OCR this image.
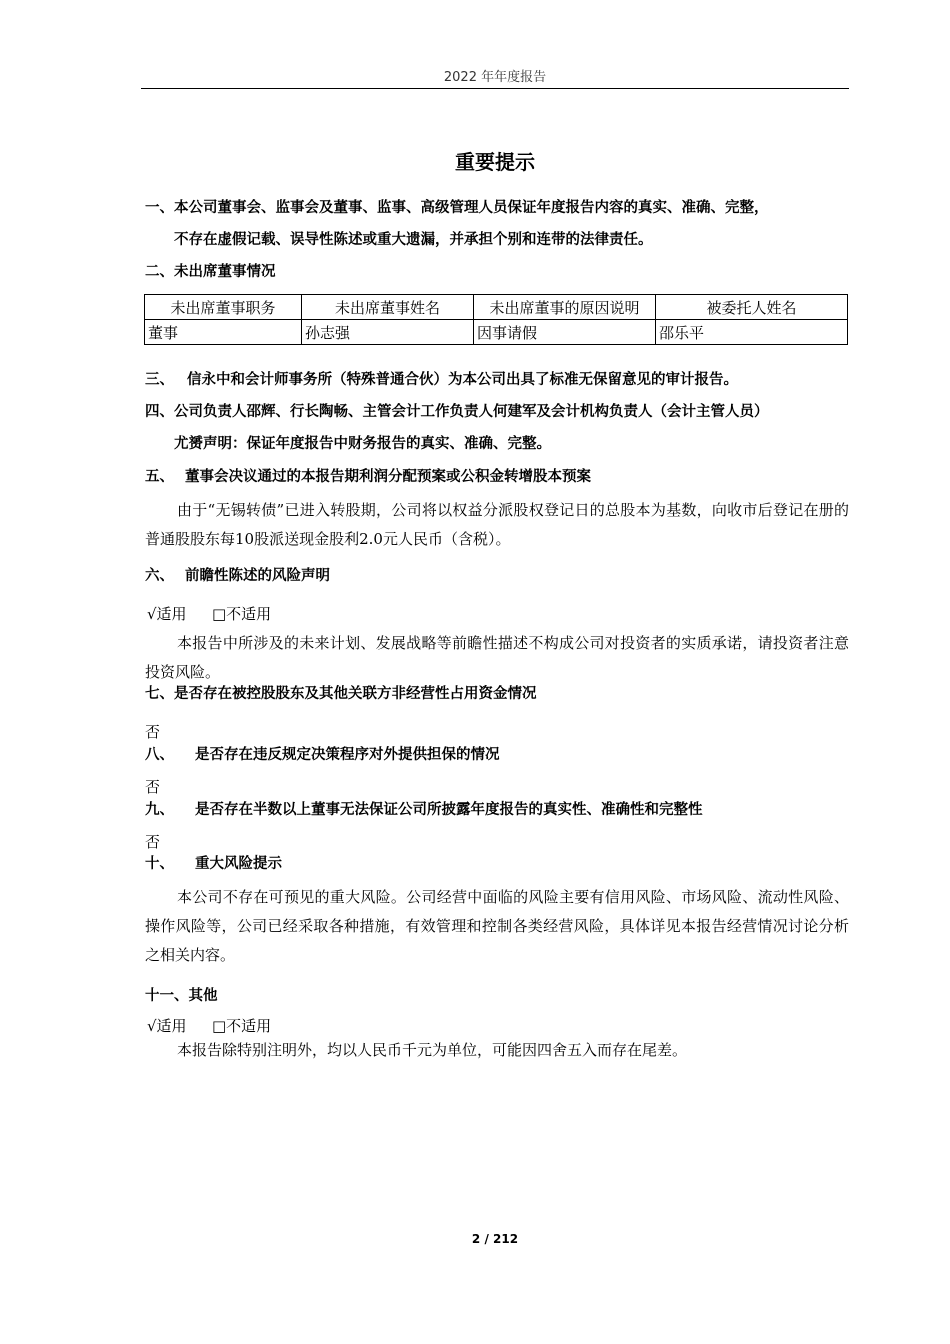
2022 年年度报告
重要提示
一、本公司董事会、监事会及董事、监事、高级管理人员保证年度报告内容的真实、准确、完整，
不存在虚假记载、误导性陈述或重大遗漏，并承担个别和连带的法律责任。
二、未出席董事情况
未出席董事职务	未出席董事姓名	未出席董事的原因说明	被委托人姓名
董事	孙志强	因事请假	邵乐平
三、 信永中和会计师事务所（特殊普通合伙）为本公司出具了标准无保留意见的审计报告。
四、公司负责人邵辉、行长陶畅、主管会计工作负责人何建军及会计机构负责人（会计主管人员）
尤赟声明：保证年度报告中财务报告的真实、准确、完整。
五、 董事会决议通过的本报告期利润分配预案或公积金转增股本预案
由于“无锡转债”已进入转股期，公司将以权益分派股权登记日的总股本为基数，向收市后登记在册的普通股股东每10股派送现金股利2.0元人民币（含税）。
六、 前瞻性陈述的风险声明
√适用 □不适用
本报告中所涉及的未来计划、发展战略等前瞻性描述不构成公司对投资者的实质承诺，请投资者注意投资风险。
七、是否存在被控股股东及其他关联方非经营性占用资金情况
否
八、 是否存在违反规定决策程序对外提供担保的情况
否
九、 是否存在半数以上董事无法保证公司所披露年度报告的真实性、准确性和完整性
否
十、 重大风险提示
本公司不存在可预见的重大风险。公司经营中面临的风险主要有信用风险、市场风险、流动性风险、操作风险等，公司已经采取各种措施，有效管理和控制各类经营风险，具体详见本报告经营情况讨论分析之相关内容。
十一、其他
√适用 □不适用
本报告除特别注明外，均以人民币千元为单位，可能因四舍五入而存在尾差。
2 / 212
